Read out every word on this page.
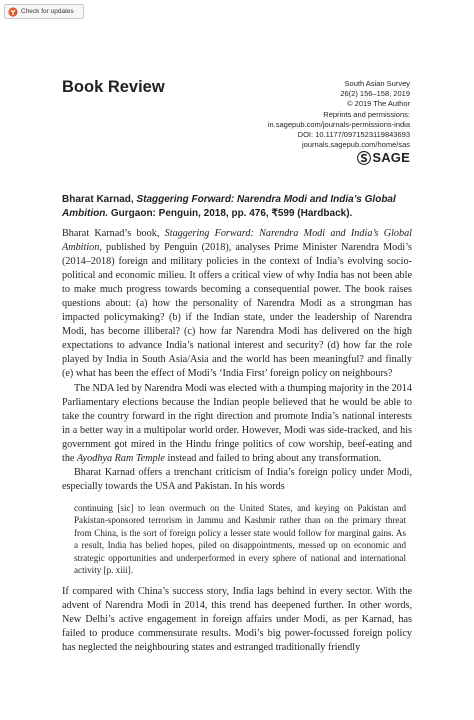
Check for updates
Book Review	South Asian Survey
26(2) 156–158, 2019
© 2019 The Author
Reprints and permissions:
in.sagepub.com/journals-permissions-india
DOI: 10.1177/0971523119843693
journals.sagepub.com/home/sas
SAGE
Bharat Karnad, Staggering Forward: Narendra Modi and India’s Global Ambition. Gurgaon: Penguin, 2018, pp. 476, ₹599 (Hardback).

Bharat Karnad’s book, Staggering Forward: Narendra Modi and India’s Global Ambition, published by Penguin (2018), analyses Prime Minister Narendra Modi’s (2014–2018) foreign and military policies in the context of India’s evolving socio-political and economic milieu. It offers a critical view of why India has not been able to make much progress towards becoming a consequential power. The book raises questions about: (a) how the personality of Narendra Modi as a strongman has impacted policymaking? (b) if the Indian state, under the leadership of Narendra Modi, has become illiberal? (c) how far Narendra Modi has delivered on the high expectations to advance India’s national interest and security? (d) how far the role played by India in South Asia/Asia and the world has been meaningful? and finally (e) what has been the effect of Modi’s ‘India First’ foreign policy on neighbours?

The NDA led by Narendra Modi was elected with a thumping majority in the 2014 Parliamentary elections because the Indian people believed that he would be able to take the country forward in the right direction and promote India’s national interests in a better way in a multipolar world order. However, Modi was side-tracked, and his government got mired in the Hindu fringe politics of cow worship, beef-eating and the Ayodhya Ram Temple instead and failed to bring about any transformation.

Bharat Karnad offers a trenchant criticism of India’s foreign policy under Modi, especially towards the USA and Pakistan. In his words

continuing [sic] to lean overmuch on the United States, and keying on Pakistan and Pakistan-sponsored terrorism in Jammu and Kashmir rather than on the primary threat from China, is the sort of foreign policy a lesser state would follow for marginal gains. As a result, India has belied hopes, piled on disappointments, messed up on economic and strategic opportunities and underperformed in every sphere of national and international activity [p. xiii].

If compared with China’s success story, India lags behind in every sector. With the advent of Narendra Modi in 2014, this trend has deepened further. In other words, New Delhi’s active engagement in foreign affairs under Modi, as per Karnad, has failed to produce commensurate results. Modi’s big power-focussed foreign policy has neglected the neighbouring states and estranged traditionally friendly
